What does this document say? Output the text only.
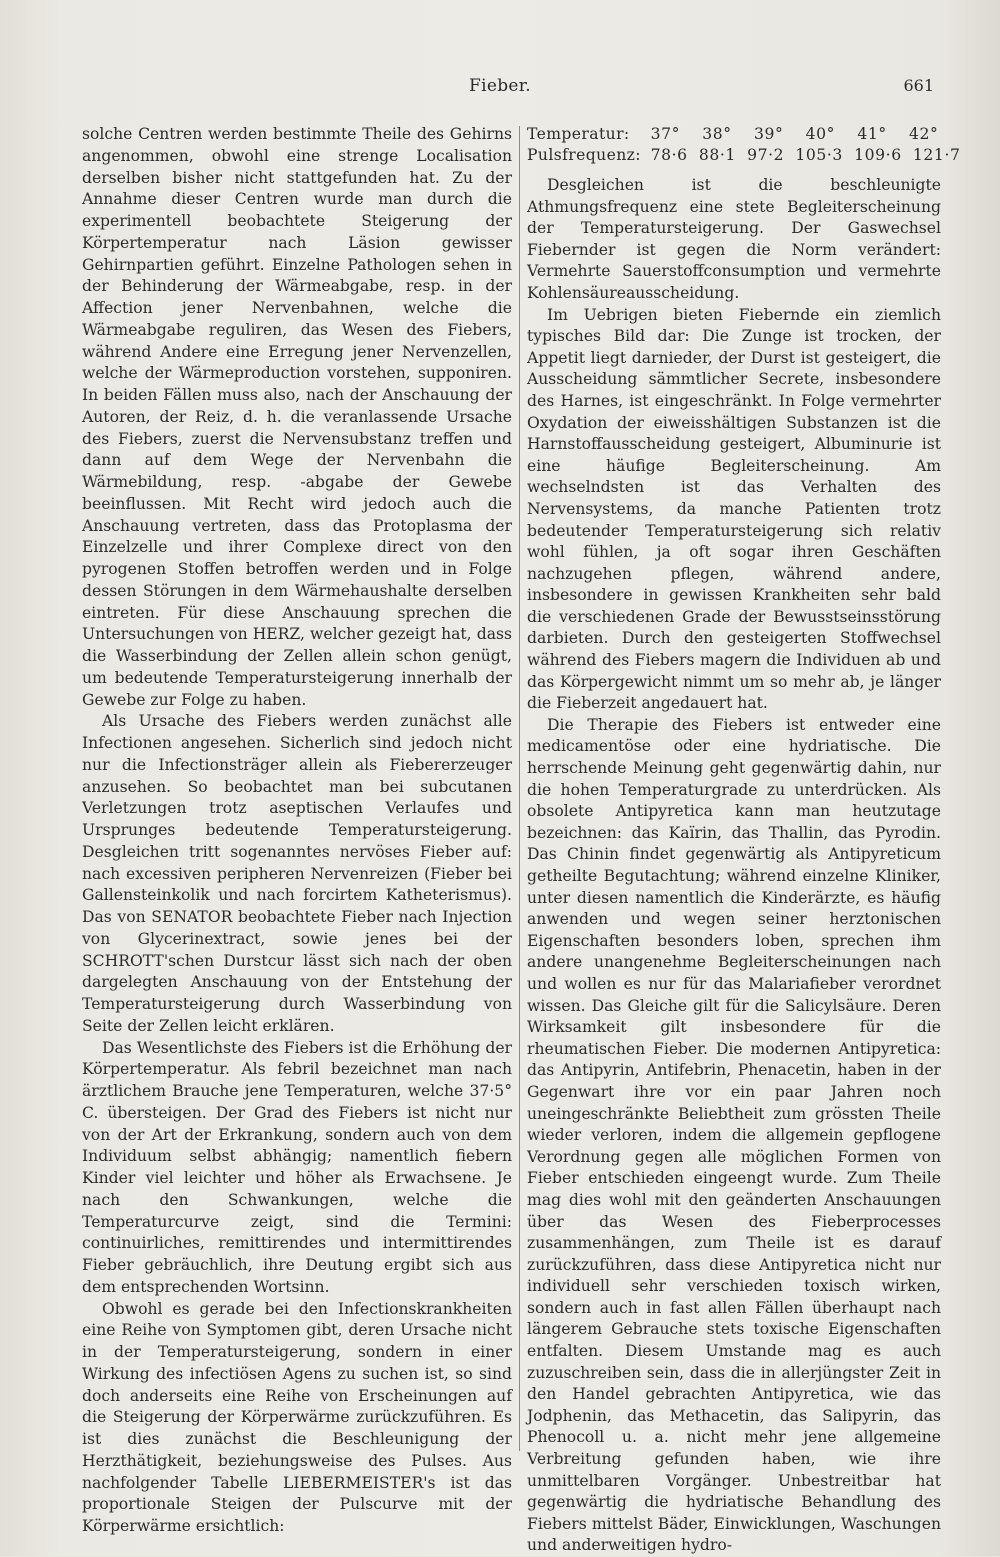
Fieber.	661

solche Centren werden bestimmte Theile des Gehirns angenommen, obwohl eine strenge Localisation derselben bisher nicht stattgefunden hat. Zu der Annahme dieser Centren wurde man durch die experimentell beobachtete Steigerung der Körpertemperatur nach Läsion gewisser Gehirnpartien geführt. Einzelne Pathologen sehen in der Behinderung der Wärmeabgabe, resp. in der Affection jener Nervenbahnen, welche die Wärmeabgabe reguliren, das Wesen des Fiebers, während Andere eine Erregung jener Nervenzellen, welche der Wärmeproduction vorstehen, supponiren. In beiden Fällen muss also, nach der Anschauung der Autoren, der Reiz, d. h. die veranlassende Ursache des Fiebers, zuerst die Nervensubstanz treffen und dann auf dem Wege der Nervenbahn die Wärmebildung, resp. -abgabe der Gewebe beeinflussen. Mit Recht wird jedoch auch die Anschauung vertreten, dass das Protoplasma der Einzelzelle und ihrer Complexe direct von den pyrogenen Stoffen betroffen werden und in Folge dessen Störungen in dem Wärmehaushalte derselben eintreten. Für diese Anschauung sprechen die Untersuchungen von HERZ, welcher gezeigt hat, dass die Wasserbindung der Zellen allein schon genügt, um bedeutende Temperatursteigerung innerhalb der Gewebe zur Folge zu haben.

Als Ursache des Fiebers werden zunächst alle Infectionen angesehen. Sicherlich sind jedoch nicht nur die Infectionsträger allein als Fiebererzeuger anzusehen. So beobachtet man bei subcutanen Verletzungen trotz aseptischen Verlaufes und Ursprunges bedeutende Temperatursteigerung. Desgleichen tritt sogenanntes nervöses Fieber auf: nach excessiven peripheren Nervenreizen (Fieber bei Gallensteinkolik und nach forcirtem Katheterismus). Das von SENATOR beobachtete Fieber nach Injection von Glycerinextract, sowie jenes bei der SCHROTT'schen Durstcur lässt sich nach der oben dargelegten Anschauung von der Entstehung der Temperatursteigerung durch Wasserbindung von Seite der Zellen leicht erklären.

Das Wesentlichste des Fiebers ist die Erhöhung der Körpertemperatur. Als febril bezeichnet man nach ärztlichem Brauche jene Temperaturen, welche 37·5° C. übersteigen. Der Grad des Fiebers ist nicht nur von der Art der Erkrankung, sondern auch von dem Individuum selbst abhängig; namentlich fiebern Kinder viel leichter und höher als Erwachsene. Je nach den Schwankungen, welche die Temperaturcurve zeigt, sind die Termini: continuirliches, remittirendes und intermittirendes Fieber gebräuchlich, ihre Deutung ergibt sich aus dem entsprechenden Wortsinn.

Obwohl es gerade bei den Infectionskrankheiten eine Reihe von Symptomen gibt, deren Ursache nicht in der Temperatursteigerung, sondern in einer Wirkung des infectiösen Agens zu suchen ist, so sind doch anderseits eine Reihe von Erscheinungen auf die Steigerung der Körperwärme zurückzuführen. Es ist dies zunächst die Beschleunigung der Herzthätigkeit, beziehungsweise des Pulses. Aus nachfolgender Tabelle LIEBERMEISTER's ist das proportionale Steigen der Pulscurve mit der Körperwärme ersichtlich:

Temperatur: 37° 38° 39° 40° 41° 42°
Pulsfrequenz: 78·6 88·1 97·2 105·3 109·6 121·7

Desgleichen ist die beschleunigte Athmungsfrequenz eine stete Begleiterscheinung der Temperatursteigerung. Der Gaswechsel Fiebernder ist gegen die Norm verändert: Vermehrte Sauerstoffconsumption und vermehrte Kohlensäureausscheidung.

Im Uebrigen bieten Fiebernde ein ziemlich typisches Bild dar: Die Zunge ist trocken, der Appetit liegt darnieder, der Durst ist gesteigert, die Ausscheidung sämmtlicher Secrete, insbesondere des Harnes, ist eingeschränkt. In Folge vermehrter Oxydation der eiweisshältigen Substanzen ist die Harnstoffausscheidung gesteigert, Albuminurie ist eine häufige Begleiterscheinung. Am wechselndsten ist das Verhalten des Nervensystems, da manche Patienten trotz bedeutender Temperatursteigerung sich relativ wohl fühlen, ja oft sogar ihren Geschäften nachzugehen pflegen, während andere, insbesondere in gewissen Krankheiten sehr bald die verschiedenen Grade der Bewusstseinsstörung darbieten. Durch den gesteigerten Stoffwechsel während des Fiebers magern die Individuen ab und das Körpergewicht nimmt um so mehr ab, je länger die Fieberzeit angedauert hat.

Die Therapie des Fiebers ist entweder eine medicamentöse oder eine hydriatische. Die herrschende Meinung geht gegenwärtig dahin, nur die hohen Temperaturgrade zu unterdrücken. Als obsolete Antipyretica kann man heutzutage bezeichnen: das Kaïrin, das Thallin, das Pyrodin. Das Chinin findet gegenwärtig als Antipyreticum getheilte Begutachtung; während einzelne Kliniker, unter diesen namentlich die Kinderärzte, es häufig anwenden und wegen seiner herztonischen Eigenschaften besonders loben, sprechen ihm andere unangenehme Begleiterscheinungen nach und wollen es nur für das Malariafieber verordnet wissen. Das Gleiche gilt für die Salicylsäure. Deren Wirksamkeit gilt insbesondere für die rheumatischen Fieber. Die modernen Antipyretica: das Antipyrin, Antifebrin, Phenacetin, haben in der Gegenwart ihre vor ein paar Jahren noch uneingeschränkte Beliebtheit zum grössten Theile wieder verloren, indem die allgemein gepflogene Verordnung gegen alle möglichen Formen von Fieber entschieden eingeengt wurde. Zum Theile mag dies wohl mit den geänderten Anschauungen über das Wesen des Fieberprocesses zusammenhängen, zum Theile ist es darauf zurückzuführen, dass diese Antipyretica nicht nur individuell sehr verschieden toxisch wirken, sondern auch in fast allen Fällen überhaupt nach längerem Gebrauche stets toxische Eigenschaften entfalten. Diesem Umstande mag es auch zuzuschreiben sein, dass die in allerjüngster Zeit in den Handel gebrachten Antipyretica, wie das Jodphenin, das Methacetin, das Salipyrin, das Phenocoll u. a. nicht mehr jene allgemeine Verbreitung gefunden haben, wie ihre unmittelbaren Vorgänger. Unbestreitbar hat gegenwärtig die hydriatische Behandlung des Fiebers mittelst Bäder, Einwicklungen, Waschungen und anderweitigen hydro-
